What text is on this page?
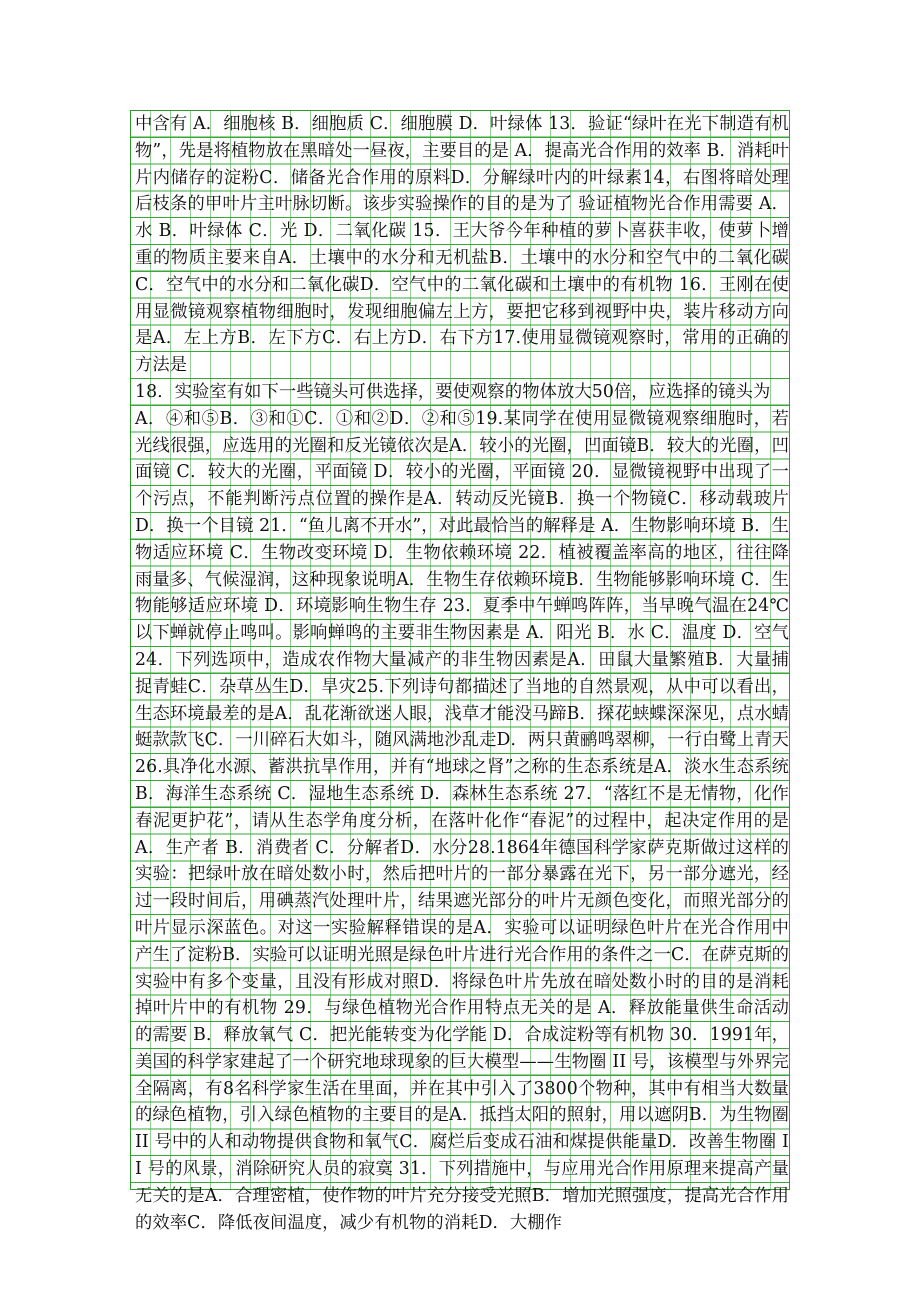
中含有 A．细胞核 B．细胞质 C．细胞膜 D．叶绿体 13．验证“绿叶在光下制造有机物”，先是将植物放在黑暗处一昼夜，主要目的是 A．提高光合作用的效率 B．消耗叶片内储存的淀粉C．储备光合作用的原料D．分解绿叶内的叶绿素14，右图将暗处理后枝条的甲叶片主叶脉切断。该步实验操作的目的是为了 验证植物光合作用需要 A．水 B．叶绿体 C．光 D．二氧化碳 15．王大爷今年种植的萝卜喜获丰收，使萝卜增重的物质主要来自A．土壤中的水分和无机盐B．土壤中的水分和空气中的二氧化碳C．空气中的水分和二氧化碳D．空气中的二氧化碳和土壤中的有机物 16．王刚在使用显微镜观察植物细胞时，发现细胞偏左上方，要把它移到视野中央，装片移动方向是A．左上方B．左下方C．右上方D．右下方17.使用显微镜观察时，常用的正确的方法是

18．实验室有如下一些镜头可供选择，要使观察的物体放大50倍，应选择的镜头为

A．④和⑤B．③和①C．①和②D．②和⑤19.某同学在使用显微镜观察细胞时，若光线很强，应选用的光圈和反光镜依次是A．较小的光圈，凹面镜B．较大的光圈，凹面镜 C．较大的光圈，平面镜 D．较小的光圈，平面镜 20．显微镜视野中出现了一个污点，不能判断污点位置的操作是A．转动反光镜B．换一个物镜C．移动载玻片 D．换一个目镜 21．“鱼儿离不开水”，对此最恰当的解释是 A．生物影响环境 B．生物适应环境 C．生物改变环境 D．生物依赖环境 22．植被覆盖率高的地区，往往降雨量多、气候湿润，这种现象说明A．生物生存依赖环境B．生物能够影响环境 C．生物能够适应环境 D．环境影响生物生存 23．夏季中午蝉鸣阵阵，当早晚气温在24℃以下蝉就停止鸣叫。影响蝉鸣的主要非生物因素是 A．阳光 B．水 C．温度 D．空气 24．下列选项中，造成农作物大量减产的非生物因素是A．田鼠大量繁殖B．大量捕捉青蛙C．杂草丛生D．旱灾25.下列诗句都描述了当地的自然景观，从中可以看出，生态环境最差的是A．乱花渐欲迷人眼，浅草才能没马蹄B．探花蛱蝶深深见，点水蜻蜓款款飞C．一川碎石大如斗，随风满地沙乱走D．两只黄鹂鸣翠柳，一行白鹭上青天26.具净化水源、蓄洪抗旱作用，并有“地球之肾”之称的生态系统是A．淡水生态系统 B．海洋生态系统 C．湿地生态系统 D．森林生态系统 27．“落红不是无情物，化作春泥更护花”，请从生态学角度分析，在落叶化作“春泥”的过程中，起决定作用的是 A．生产者 B．消费者 C．分解者D．水分28.1864年德国科学家萨克斯做过这样的实验：把绿叶放在暗处数小时，然后把叶片的一部分暴露在光下，另一部分遮光，经过一段时间后，用碘蒸汽处理叶片，结果遮光部分的叶片无颜色变化，而照光部分的叶片显示深蓝色。对这一实验解释错误的是A．实验可以证明绿色叶片在光合作用中产生了淀粉B．实验可以证明光照是绿色叶片进行光合作用的条件之一C．在萨克斯的实验中有多个变量，且没有形成对照D．将绿色叶片先放在暗处数小时的目的是消耗掉叶片中的有机物 29．与绿色植物光合作用特点无关的是 A．释放能量供生命活动的需要 B．释放氧气 C．把光能转变为化学能 D．合成淀粉等有机物 30．1991年，美国的科学家建起了一个研究地球现象的巨大模型——生物圈 II 号，该模型与外界完全隔离，有8名科学家生活在里面，并在其中引入了3800个物种，其中有相当大数量的绿色植物，引入绿色植物的主要目的是A．抵挡太阳的照射，用以遮阴B．为生物圈 II 号中的人和动物提供食物和氧气C．腐烂后变成石油和煤提供能量D．改善生物圈 II 号的风景，消除研究人员的寂寞 31．下列措施中，与应用光合作用原理来提高产量无关的是A．合理密植，使作物的叶片充分接受光照B．增加光照强度，提高光合作用的效率C．降低夜间温度，减少有机物的消耗D．大棚作
